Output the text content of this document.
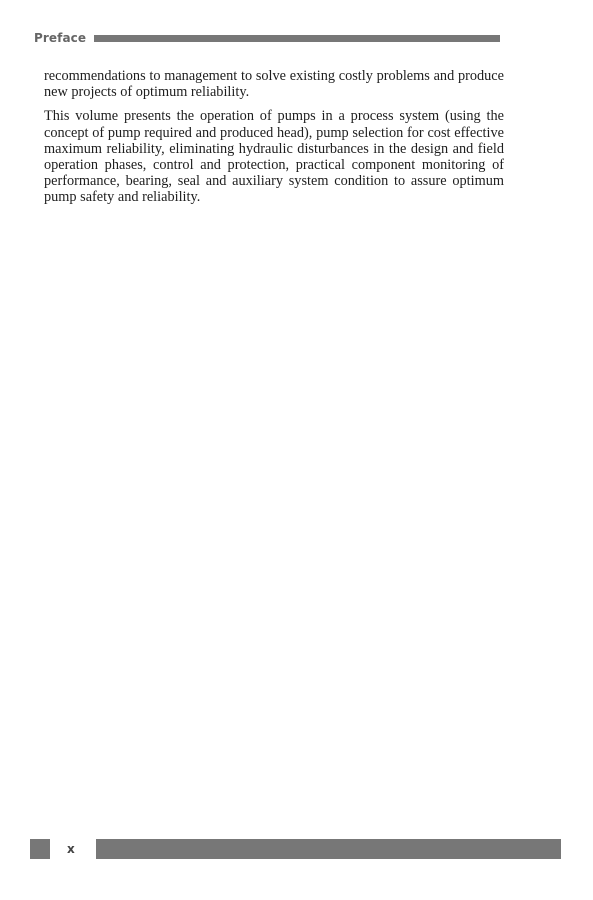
Preface

recommendations to management to solve existing costly problems and produce new projects of optimum reliability.

This volume presents the operation of pumps in a process system (using the concept of pump required and produced head), pump selection for cost effective maximum reliability, eliminating hydraulic disturbances in the design and field operation phases, control and protection, practical component monitoring of performance, bearing, seal and auxiliary system condition to assure optimum pump safety and reliability.

x
